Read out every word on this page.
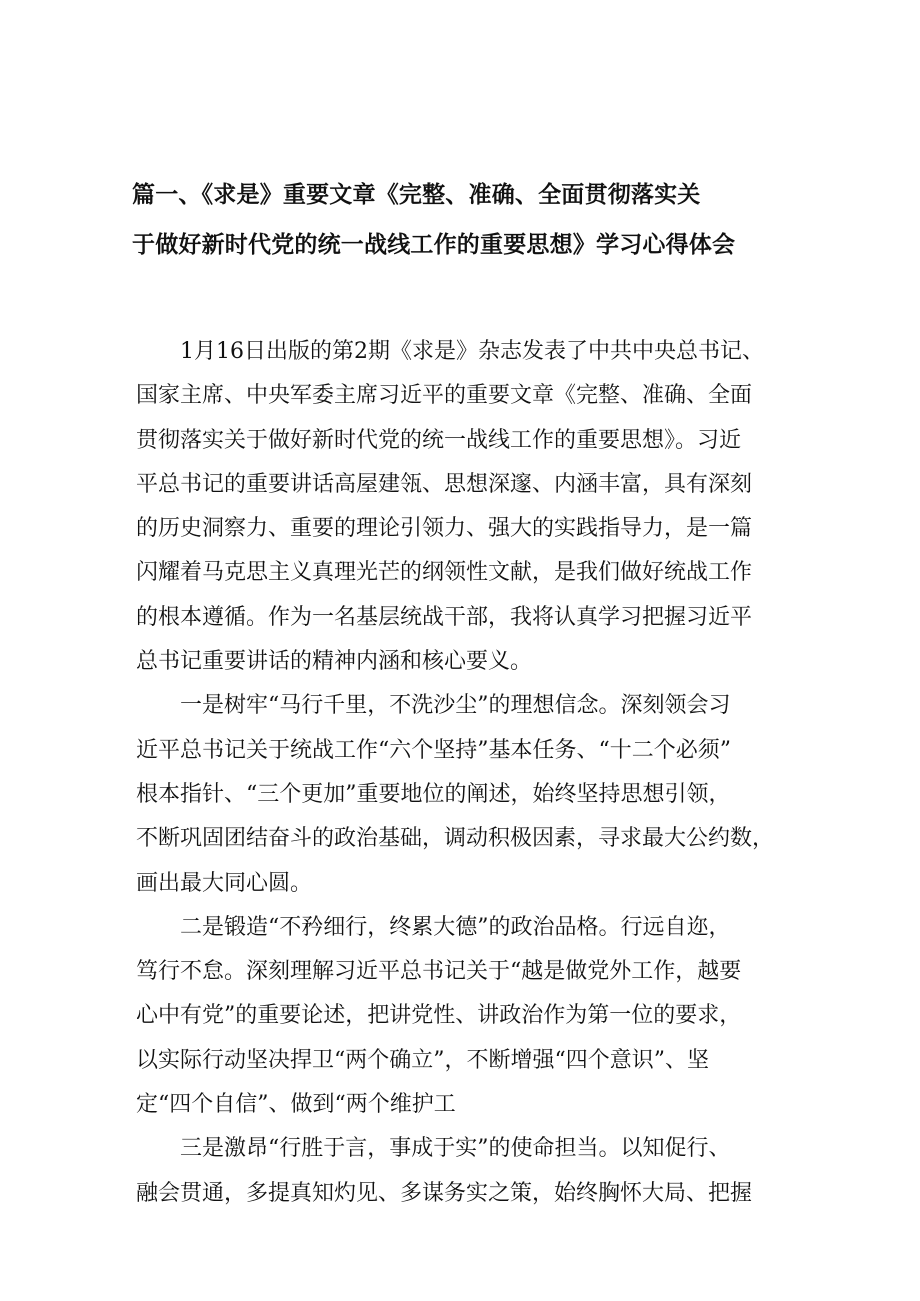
篇一、《求是》重要文章《完整、准确、全面贯彻落实关
于做好新时代党的统一战线工作的重要思想》学习心得体会
1月16日出版的第2期《求是》杂志发表了中共中央总书记、
国家主席、中央军委主席习近平的重要文章《完整、准确、全面
贯彻落实关于做好新时代党的统一战线工作的重要思想》。习近
平总书记的重要讲话高屋建瓴、思想深邃、内涵丰富，具有深刻
的历史洞察力、重要的理论引领力、强大的实践指导力，是一篇
闪耀着马克思主义真理光芒的纲领性文献，是我们做好统战工作
的根本遵循。作为一名基层统战干部，我将认真学习把握习近平
总书记重要讲话的精神内涵和核心要义。
一是树牢“马行千里，不洗沙尘”的理想信念。深刻领会习
近平总书记关于统战工作“六个坚持”基本任务、“十二个必须”
根本指针、“三个更加”重要地位的阐述，始终坚持思想引领，
不断巩固团结奋斗的政治基础，调动积极因素，寻求最大公约数，
画出最大同心圆。
二是锻造“不矜细行，终累大德”的政治品格。行远自迩，
笃行不怠。深刻理解习近平总书记关于“越是做党外工作，越要
心中有党”的重要论述，把讲党性、讲政治作为第一位的要求，
以实际行动坚决捍卫“两个确立”，不断增强“四个意识”、坚
定“四个自信”、做到“两个维护工
三是激昂“行胜于言，事成于实”的使命担当。以知促行、
融会贯通，多提真知灼见、多谋务实之策，始终胸怀大局、把握
